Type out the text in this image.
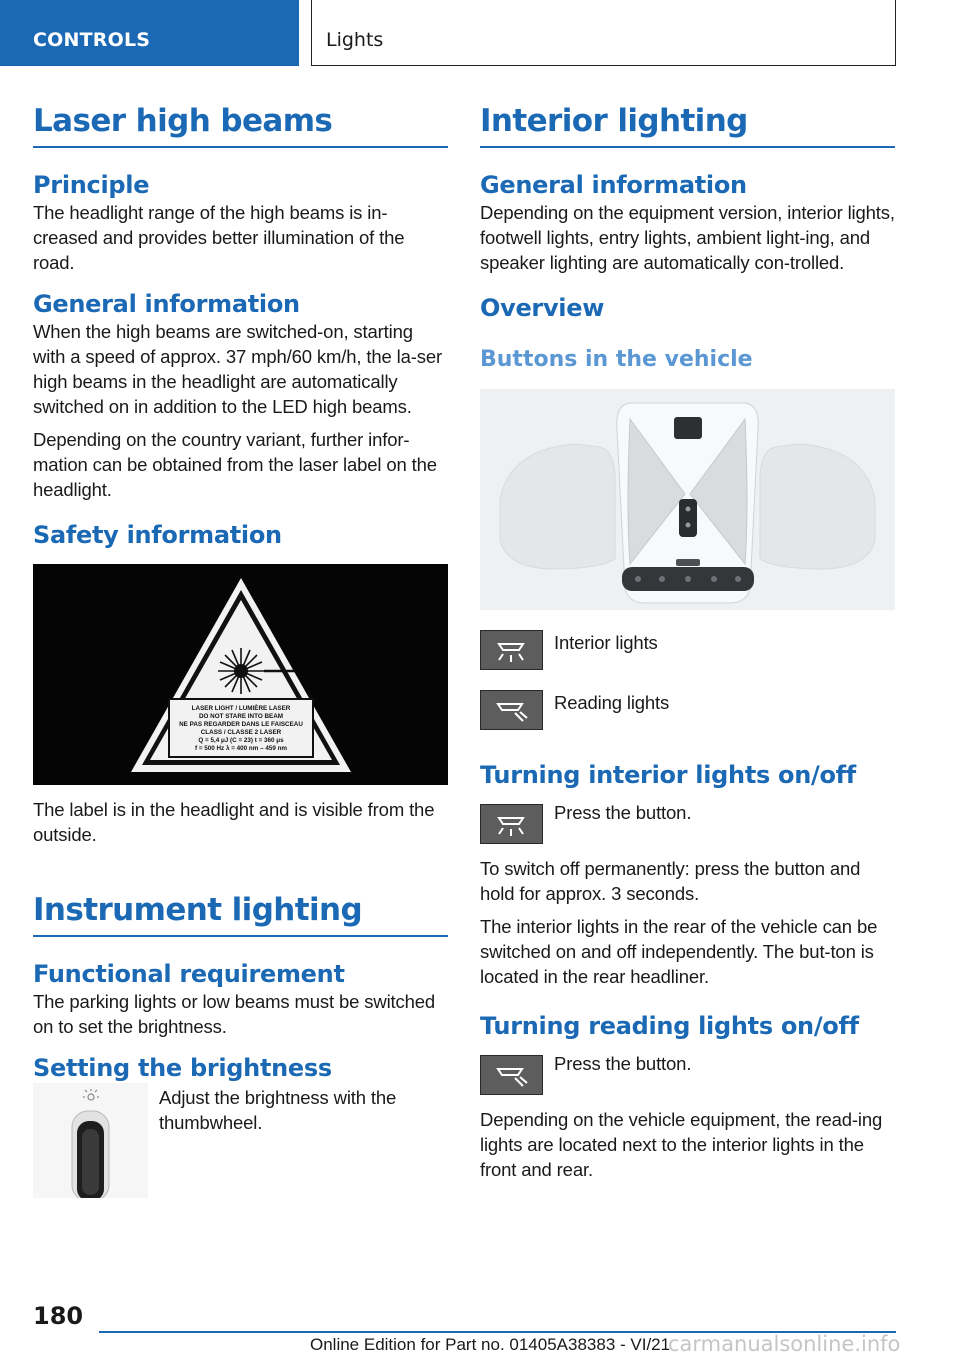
CONTROLS	Lights
Laser high beams
Principle

The headlight range of the high beams is in-creased and provides better illumination of the road.

General information

When the high beams are switched-on, starting with a speed of approx. 37 mph/60 km/h, the la-ser high beams in the headlight are automatically switched on in addition to the LED high beams.

Depending on the country variant, further infor-mation can be obtained from the laser label on the headlight.

Safety information
LASER LIGHT / LUMIÈRE LASER
DO NOT STARE INTO BEAM
NE PAS REGARDER DANS LE FAISCEAU
CLASS / CLASSE 2 LASER
Q = 5,4 μJ (C = 23) t = 360 μs
f = 500 Hz λ = 400 nm – 459 nm

The label is in the headlight and is visible from the outside.

Instrument lighting
Functional requirement

The parking lights or low beams must be switched on to set the brightness.

Setting the brightness

Adjust the brightness with the thumbwheel.

Interior lighting
General information

Depending on the equipment version, interior lights, footwell lights, entry lights, ambient light-ing, and speaker lighting are automatically con-trolled.

Overview
Buttons in the vehicle

Interior lights

Reading lights

Turning interior lights on/off

Press the button.

To switch off permanently: press the button and hold for approx. 3 seconds.

The interior lights in the rear of the vehicle can be switched on and off independently. The but-ton is located in the rear headliner.

Turning reading lights on/off

Press the button.

Depending on the vehicle equipment, the read-ing lights are located next to the interior lights in the front and rear.

180
Online Edition for Part no. 01405A38383 - VI/21
carmanualsonline.info
